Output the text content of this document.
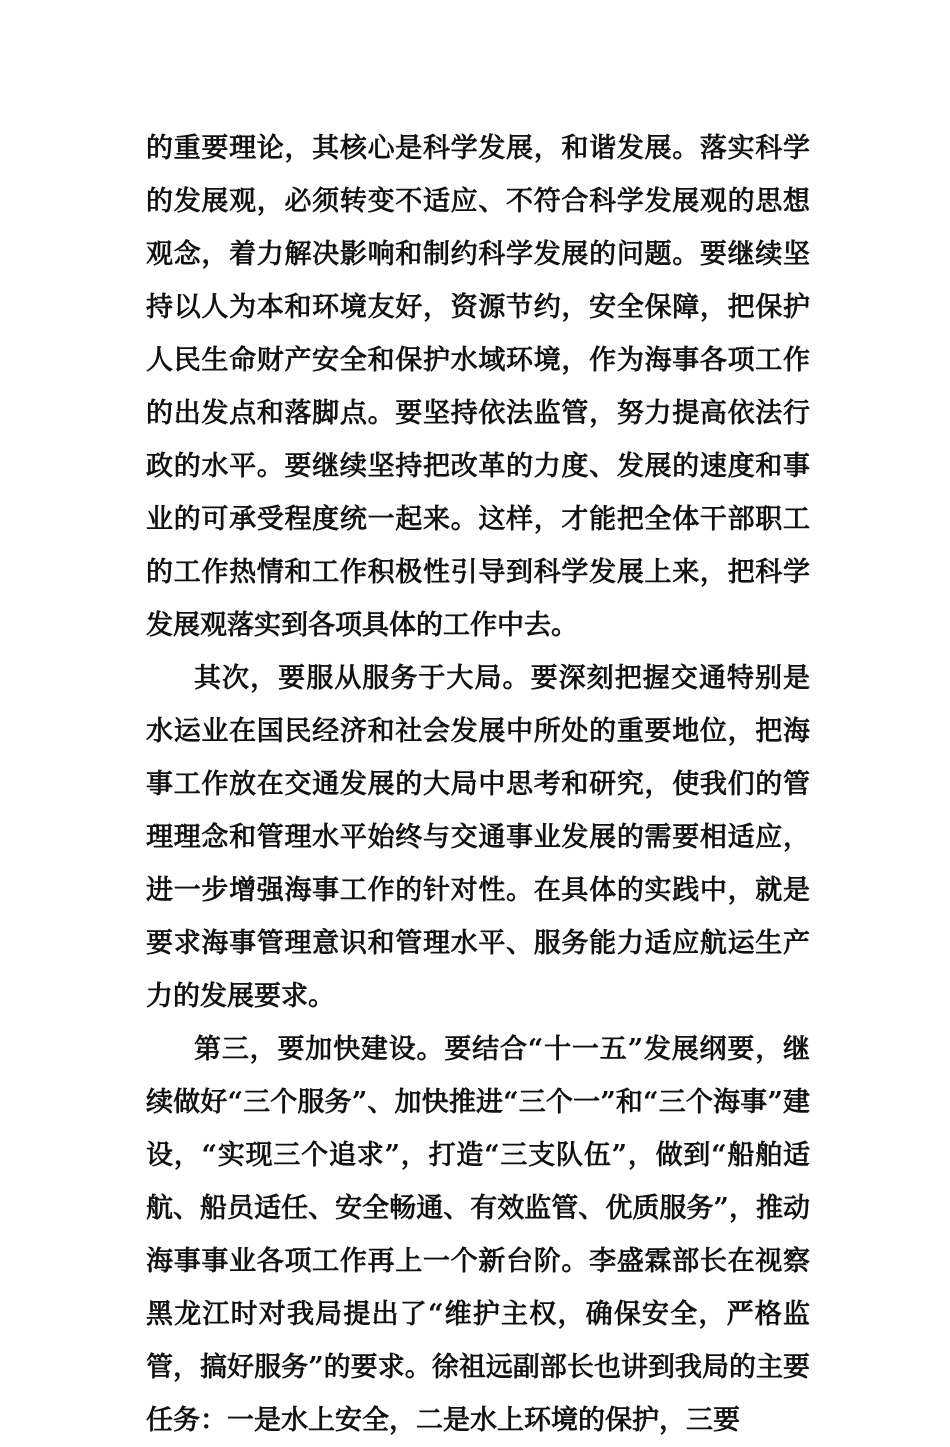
的重要理论，其核心是科学发展，和谐发展。落实科学的发展观，必须转变不适应、不符合科学发展观的思想观念，着力解决影响和制约科学发展的问题。要继续坚持以人为本和环境友好，资源节约，安全保障，把保护人民生命财产安全和保护水域环境，作为海事各项工作的出发点和落脚点。要坚持依法监管，努力提高依法行政的水平。要继续坚持把改革的力度、发展的速度和事业的可承受程度统一起来。这样，才能把全体干部职工的工作热情和工作积极性引导到科学发展上来，把科学发展观落实到各项具体的工作中去。

其次，要服从服务于大局。要深刻把握交通特别是水运业在国民经济和社会发展中所处的重要地位，把海事工作放在交通发展的大局中思考和研究，使我们的管理理念和管理水平始终与交通事业发展的需要相适应，进一步增强海事工作的针对性。在具体的实践中，就是要求海事管理意识和管理水平、服务能力适应航运生产力的发展要求。

第三，要加快建设。要结合“十一五”发展纲要，继续做好“三个服务”、加快推进“三个一”和“三个海事”建设，“实现三个追求”，打造“三支队伍”，做到“船舶适航、船员适任、安全畅通、有效监管、优质服务”，推动海事事业各项工作再上一个新台阶。李盛霖部长在视察黑龙江时对我局提出了“维护主权，确保安全，严格监管，搞好服务”的要求。徐祖远副部长也讲到我局的主要任务：一是水上安全，二是水上环境的保护，三要
